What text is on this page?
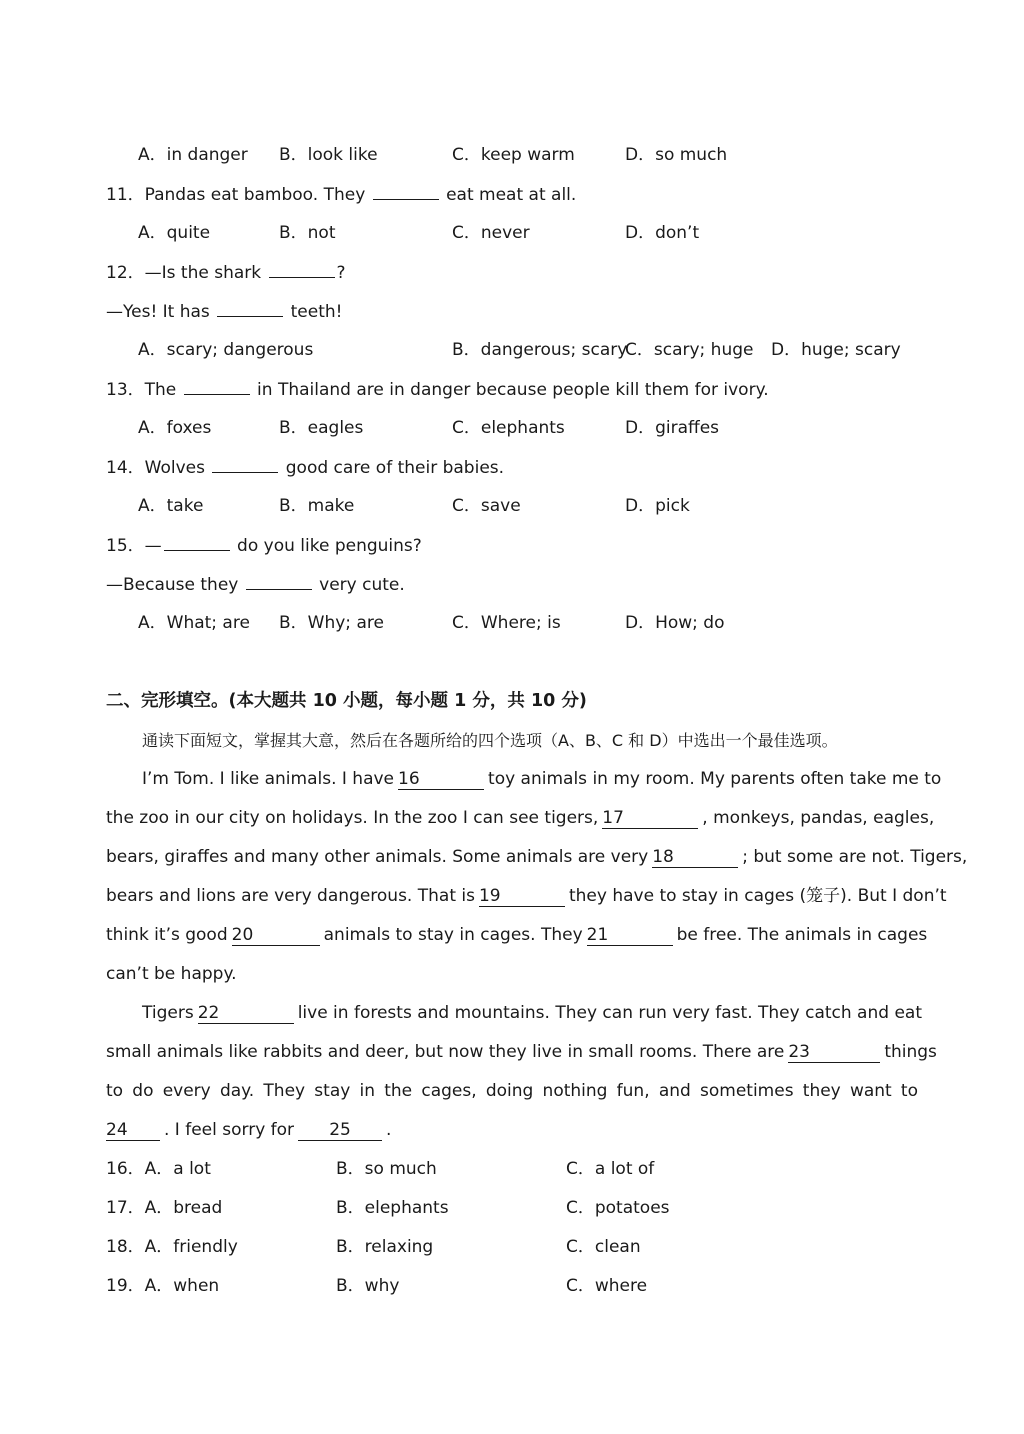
A．in danger B．look like	C．keep warm	D．so much
11．Pandas eat bamboo. They	eat meat at all.
A．quite	B．not	C．never	D．don’t
12．—Is the shark	?
—Yes! It has	teeth!
A．scary; dangerous	B．dangerous; scary
C．scary; huge D．huge; scary
13．The	in Thailand are in danger because people kill them for ivory.
A．foxes	B．eagles	C．elephants	D．giraffes
14．Wolves	good care of their babies.
A．take	B．make	C．save	D．pick
15．—	do you like penguins?
—Because they	very cute.
A．What; are B．Why; are	C．Where; is	D．How; do
二、完形填空。(本大题共 10 小题，每小题 1 分，共 10 分)
通读下面短文，掌握其大意，然后在各题所给的四个选项（A、B、C 和 D）中选出一个最佳选项。
I’m Tom. I like animals. I have 16	toy animals in my room. My parents often take me to
the zoo in our city on holidays. In the zoo I can see tigers, 17	, monkeys, pandas, eagles,
bears, giraffes and many other animals. Some animals are very 18	; but some are not. Tigers,
bears and lions are very dangerous. That is 19	they have to stay in cages (笼子). But I don’t
think it’s good 20	animals to stay in cages. They 21	be free. The animals in cages
can’t be happy.
Tigers 22	live in forests and mountains. They can run very fast. They catch and eat
small animals like rabbits and deer, but now they live in small rooms. There are 23	things
to do every day. They stay in the cages, doing nothing fun, and sometimes they want to
24 . I feel sorry for 25 .
16．A．a lot	B．so much	C．a lot of
17．A．bread	B．elephants	C．potatoes
18．A．friendly	B．relaxing	C．clean
19．A．when	B．why	C．where
